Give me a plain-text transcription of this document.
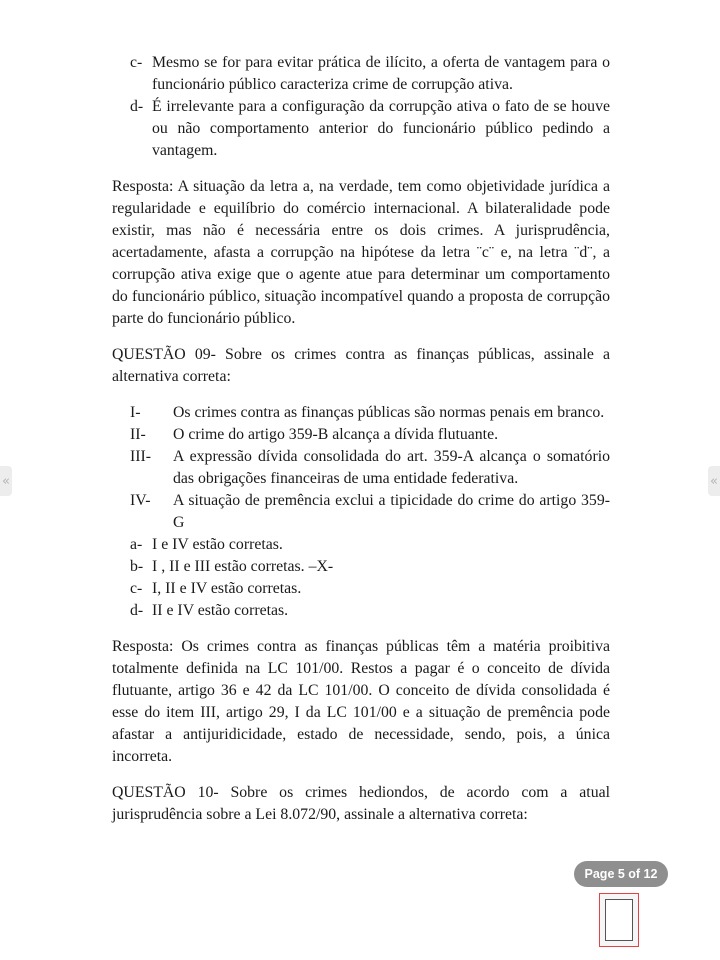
«	«
c- Mesmo se for para evitar prática de ilícito, a oferta de vantagem para o funcionário público caracteriza crime de corrupção ativa.
d- É irrelevante para a configuração da corrupção ativa o fato de se houve ou não comportamento anterior do funcionário público pedindo a vantagem.

Resposta: A situação da letra a, na verdade, tem como objetividade jurídica a regularidade e equilíbrio do comércio internacional. A bilateralidade pode existir, mas não é necessária entre os dois crimes. A jurisprudência, acertadamente, afasta a corrupção na hipótese da letra ¨c¨ e, na letra ¨d¨, a corrupção ativa exige que o agente atue para determinar um comportamento do funcionário público, situação incompatível quando a proposta de corrupção parte do funcionário público.

QUESTÃO 09- Sobre os crimes contra as finanças públicas, assinale a alternativa correta:

I-	Os crimes contra as finanças públicas são normas penais em branco.
II-	O crime do artigo 359-B alcança a dívida flutuante.
III-	A expressão dívida consolidada do art. 359-A alcança o somatório das obrigações financeiras de uma entidade federativa.
IV-	A situação de premência exclui a tipicidade do crime do artigo 359-G
a- I e IV estão corretas.
b- I , II e III estão corretas. –X-
c- I, II e IV estão corretas.
d- II e IV estão corretas.

Resposta: Os crimes contra as finanças públicas têm a matéria proibitiva totalmente definida na LC 101/00. Restos a pagar é o conceito de dívida flutuante, artigo 36 e 42 da LC 101/00. O conceito de dívida consolidada é esse do item III, artigo 29, I da LC 101/00 e a situação de premência pode afastar a antijuridicidade, estado de necessidade, sendo, pois, a única incorreta.

QUESTÃO 10- Sobre os crimes hediondos, de acordo com a atual jurisprudência sobre a Lei 8.072/90, assinale a alternativa correta:

Page 5 of 12
